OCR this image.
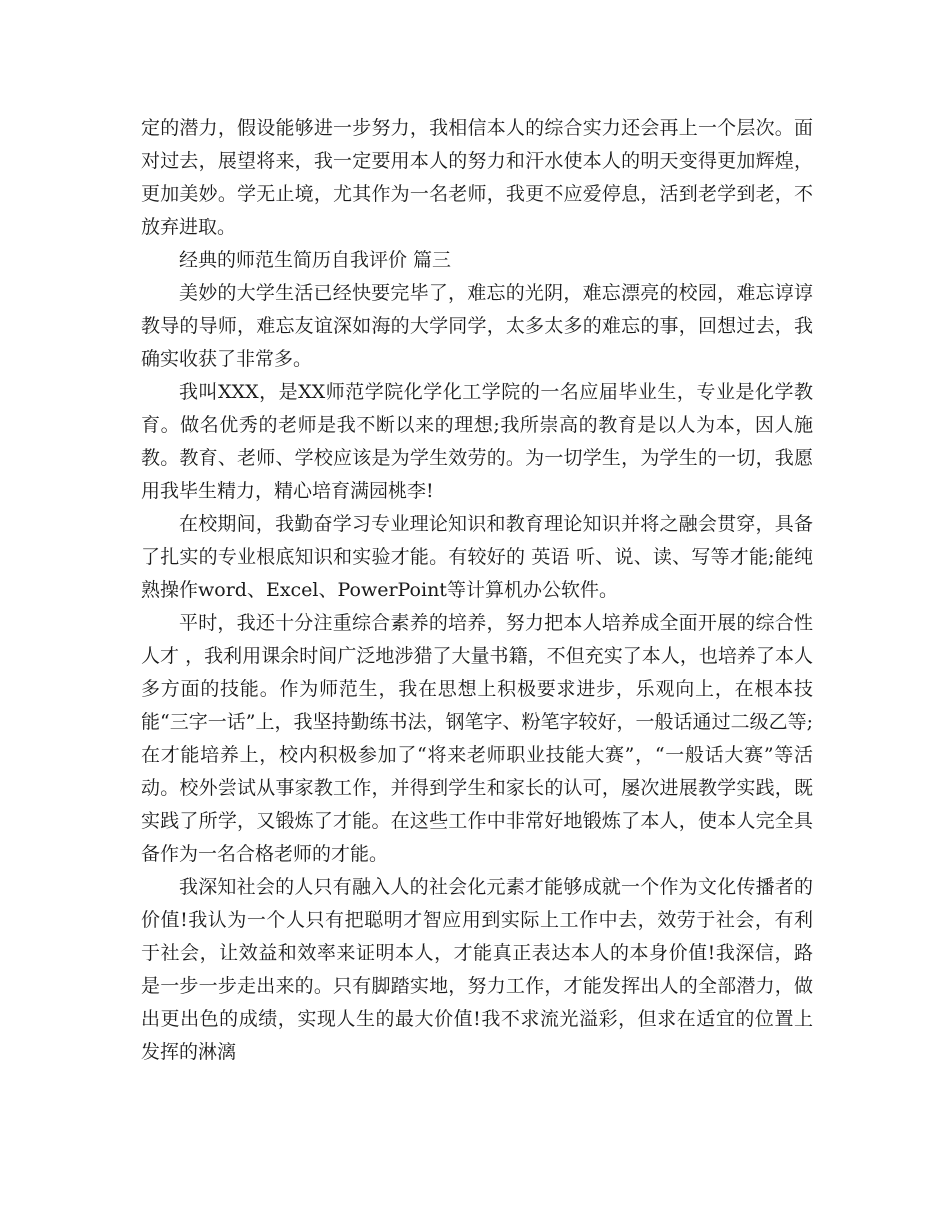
定的潜力，假设能够进一步努力，我相信本人的综合实力还会再上一个层次。面对过去，展望将来，我一定要用本人的努力和汗水使本人的明天变得更加辉煌，更加美妙。学无止境，尤其作为一名老师，我更不应爱停息，活到老学到老，不放弃进取。

经典的师范生简历自我评价 篇三

美妙的大学生活已经快要完毕了，难忘的光阴，难忘漂亮的校园，难忘谆谆教导的导师，难忘友谊深如海的大学同学，太多太多的难忘的事，回想过去，我确实收获了非常多。

我叫XXX，是XX师范学院化学化工学院的一名应届毕业生，专业是化学教育。做名优秀的老师是我不断以来的理想;我所崇高的教育是以人为本，因人施教。教育、老师、学校应该是为学生效劳的。为一切学生，为学生的一切，我愿用我毕生精力，精心培育满园桃李!

在校期间，我勤奋学习专业理论知识和教育理论知识并将之融会贯穿，具备了扎实的专业根底知识和实验才能。有较好的 英语 听、说、读、写等才能;能纯熟操作word、Excel、PowerPoint等计算机办公软件。

平时，我还十分注重综合素养的培养，努力把本人培养成全面开展的综合性人才 ，我利用课余时间广泛地涉猎了大量书籍，不但充实了本人，也培养了本人多方面的技能。作为师范生，我在思想上积极要求进步，乐观向上，在根本技能“三字一话”上，我坚持勤练书法，钢笔字、粉笔字较好，一般话通过二级乙等;在才能培养上，校内积极参加了“将来老师职业技能大赛”，“一般话大赛”等活动。校外尝试从事家教工作，并得到学生和家长的认可，屡次进展教学实践，既实践了所学，又锻炼了才能。在这些工作中非常好地锻炼了本人，使本人完全具备作为一名合格老师的才能。

我深知社会的人只有融入人的社会化元素才能够成就一个作为文化传播者的价值!我认为一个人只有把聪明才智应用到实际上工作中去，效劳于社会，有利于社会，让效益和效率来证明本人，才能真正表达本人的本身价值!我深信，路是一步一步走出来的。只有脚踏实地，努力工作，才能发挥出人的全部潜力，做出更出色的成绩，实现人生的最大价值!我不求流光溢彩，但求在适宜的位置上发挥的淋漓
